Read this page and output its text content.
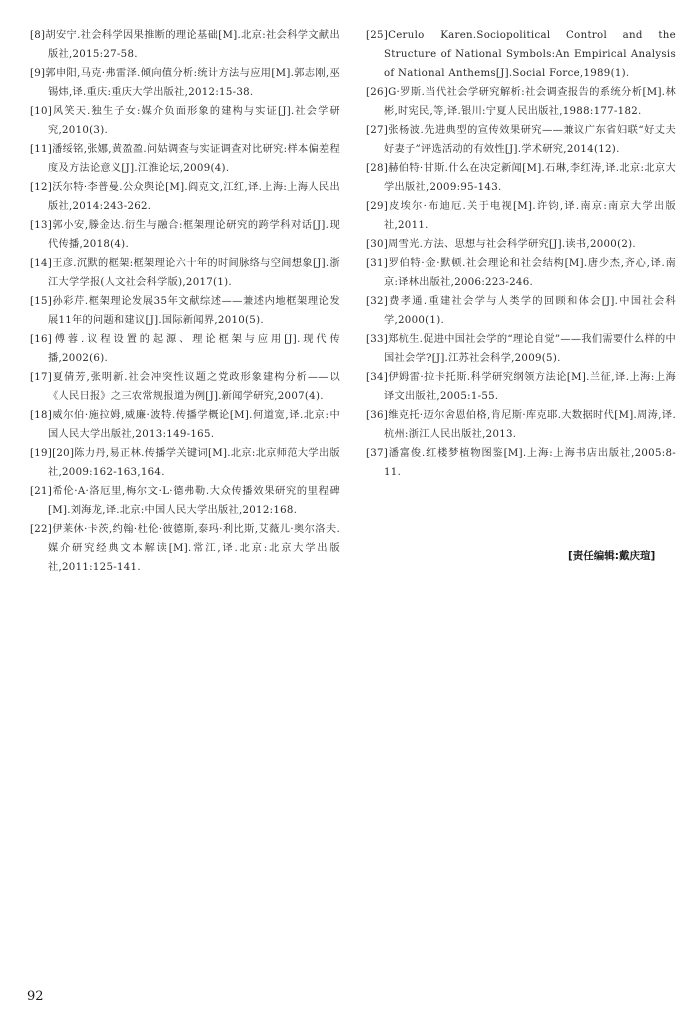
[8]胡安宁.社会科学因果推断的理论基础[M].北京:社会科学文献出版社,2015:27-58.

[9]郭申阳,马克·弗雷泽.倾向值分析:统计方法与应用[M].郭志刚,巫锡炜,译.重庆:重庆大学出版社,2012:15-38.

[10]风笑天.独生子女:媒介负面形象的建构与实证[J].社会学研究,2010(3).

[11]潘绥铭,张娜,黄盈盈.问姑调查与实证调查对比研究:样本偏差程度及方法论意义[J].江淮论坛,2009(4).

[12]沃尔特·李普曼.公众舆论[M].阎克文,江红,译.上海:上海人民出版社,2014:243-262.

[13]郭小安,滕金达.衍生与融合:框架理论研究的跨学科对话[J].现代传播,2018(4).

[14]王彦.沉默的框架:框架理论六十年的时间脉络与空间想象[J].浙江大学学报(人文社会科学版),2017(1).

[15]孙彩芹.框架理论发展35年文献综述——兼述内地框架理论发展11年的问题和建议[J].国际新闻界,2010(5).

[16]傅蓉.议程设置的起源、理论框架与应用[J].现代传播,2002(6).

[17]夏倩芳,张明新.社会冲突性议题之党政形象建构分析——以《人民日报》之三农常规报道为例[J].新闻学研究,2007(4).

[18]威尔伯·施拉姆,威廉·波特.传播学概论[M].何道宽,译.北京:中国人民大学出版社,2013:149-165.

[19][20]陈力丹,易正林.传播学关键词[M].北京:北京师范大学出版社,2009:162-163,164.

[21]希伦·A·洛厄里,梅尔文·L·德弗勒.大众传播效果研究的里程碑[M].刘海龙,译.北京:中国人民大学出版社,2012:168.

[22]伊莱休·卡茨,约翰·杜伦·彼德斯,泰玛·利比斯,艾薇儿·奥尔洛夫.媒介研究经典文本解读[M].常江,译.北京:北京大学出版社,2011:125-141.

[25]Cerulo Karen.Sociopolitical Control and the Structure of National Symbols:An Empirical Analysis of National Anthems[J].Social Force,1989(1).

[26]G·罗斯.当代社会学研究解析:社会调查报告的系统分析[M].林彬,时宪民,等,译.银川:宁夏人民出版社,1988:177-182.

[27]张杨波.先进典型的宣传效果研究——兼议广东省妇联“好丈夫好妻子”评选活动的有效性[J].学术研究,2014(12).

[28]赫伯特·甘斯.什么在决定新闻[M].石琳,李红涛,译.北京:北京大学出版社,2009:95-143.

[29]皮埃尔·布迪厄.关于电视[M].许钧,译.南京:南京大学出版社,2011.

[30]周雪光.方法、思想与社会科学研究[J].读书,2000(2).

[31]罗伯特·金·默顿.社会理论和社会结构[M].唐少杰,齐心,译.南京:译林出版社,2006:223-246.

[32]费孝通.重建社会学与人类学的回顾和体会[J].中国社会科学,2000(1).

[33]郑杭生.促进中国社会学的“理论自觉”——我们需要什么样的中国社会学?[J].江苏社会科学,2009(5).

[34]伊姆雷·拉卡托斯.科学研究纲领方法论[M].兰征,译.上海:上海译文出版社,2005:1-55.

[36]维克托·迈尔舍恩伯格,肯尼斯·库克耶.大数据时代[M].周涛,译.杭州:浙江人民出版社,2013.

[37]潘富俊.红楼梦植物图鉴[M].上海:上海书店出版社,2005:8-11.

[责任编辑:戴庆瑄]
92
